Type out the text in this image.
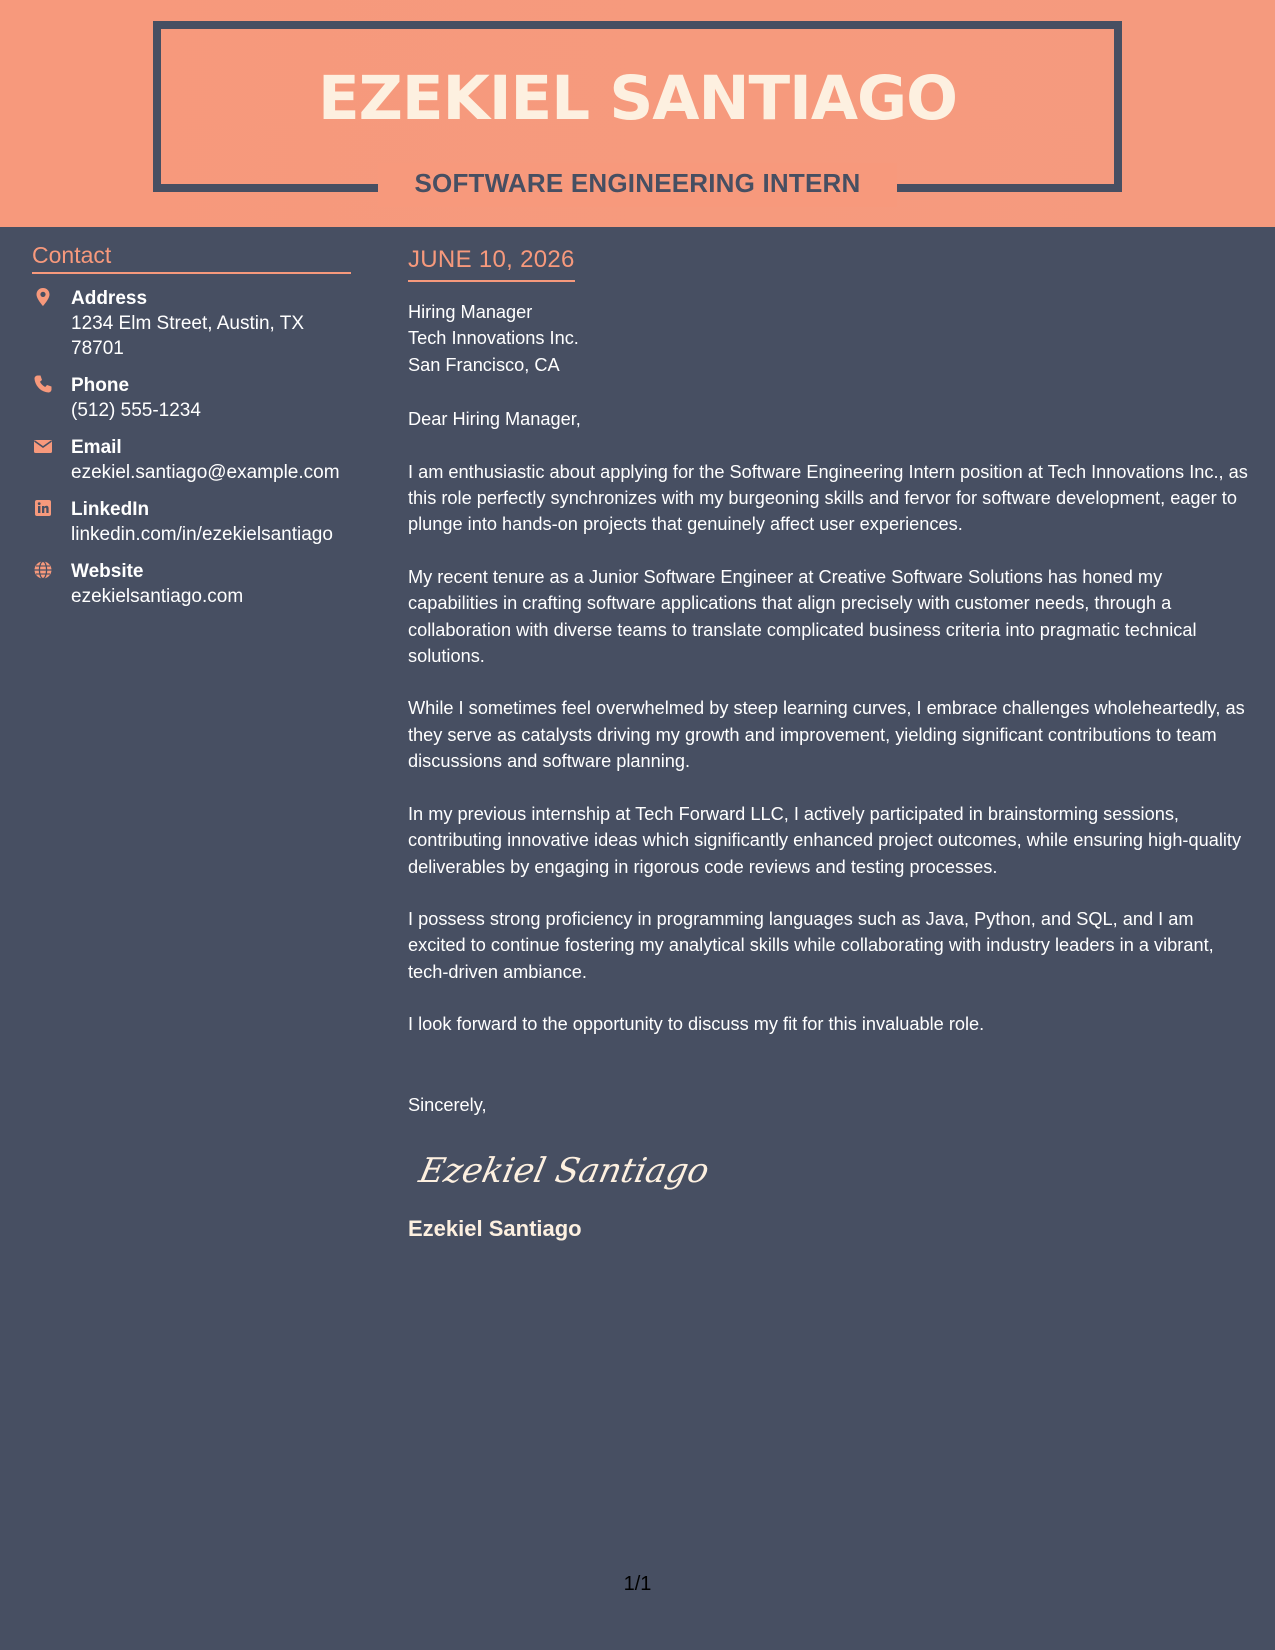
EZEKIEL SANTIAGO
SOFTWARE ENGINEERING INTERN
Contact
Address
1234 Elm Street, Austin, TX
78701
Phone
(512) 555-1234
Email
ezekiel.santiago@example.com
LinkedIn
linkedin.com/in/ezekielsantiago
Website
ezekielsantiago.com
JUNE 10, 2026
Hiring Manager
Tech Innovations Inc.
San Francisco, CA
Dear Hiring Manager,
I am enthusiastic about applying for the Software Engineering Intern position at Tech Innovations Inc., as this role perfectly synchronizes with my burgeoning skills and fervor for software development, eager to plunge into hands-on projects that genuinely affect user experiences.
My recent tenure as a Junior Software Engineer at Creative Software Solutions has honed my capabilities in crafting software applications that align precisely with customer needs, through a collaboration with diverse teams to translate complicated business criteria into pragmatic technical solutions.
While I sometimes feel overwhelmed by steep learning curves, I embrace challenges wholeheartedly, as they serve as catalysts driving my growth and improvement, yielding significant contributions to team discussions and software planning.
In my previous internship at Tech Forward LLC, I actively participated in brainstorming sessions, contributing innovative ideas which significantly enhanced project outcomes, while ensuring high-quality deliverables by engaging in rigorous code reviews and testing processes.
I possess strong proficiency in programming languages such as Java, Python, and SQL, and I am excited to continue fostering my analytical skills while collaborating with industry leaders in a vibrant, tech-driven ambiance.
I look forward to the opportunity to discuss my fit for this invaluable role.
Sincerely,
Ezekiel Santiago
Ezekiel Santiago
1/1
